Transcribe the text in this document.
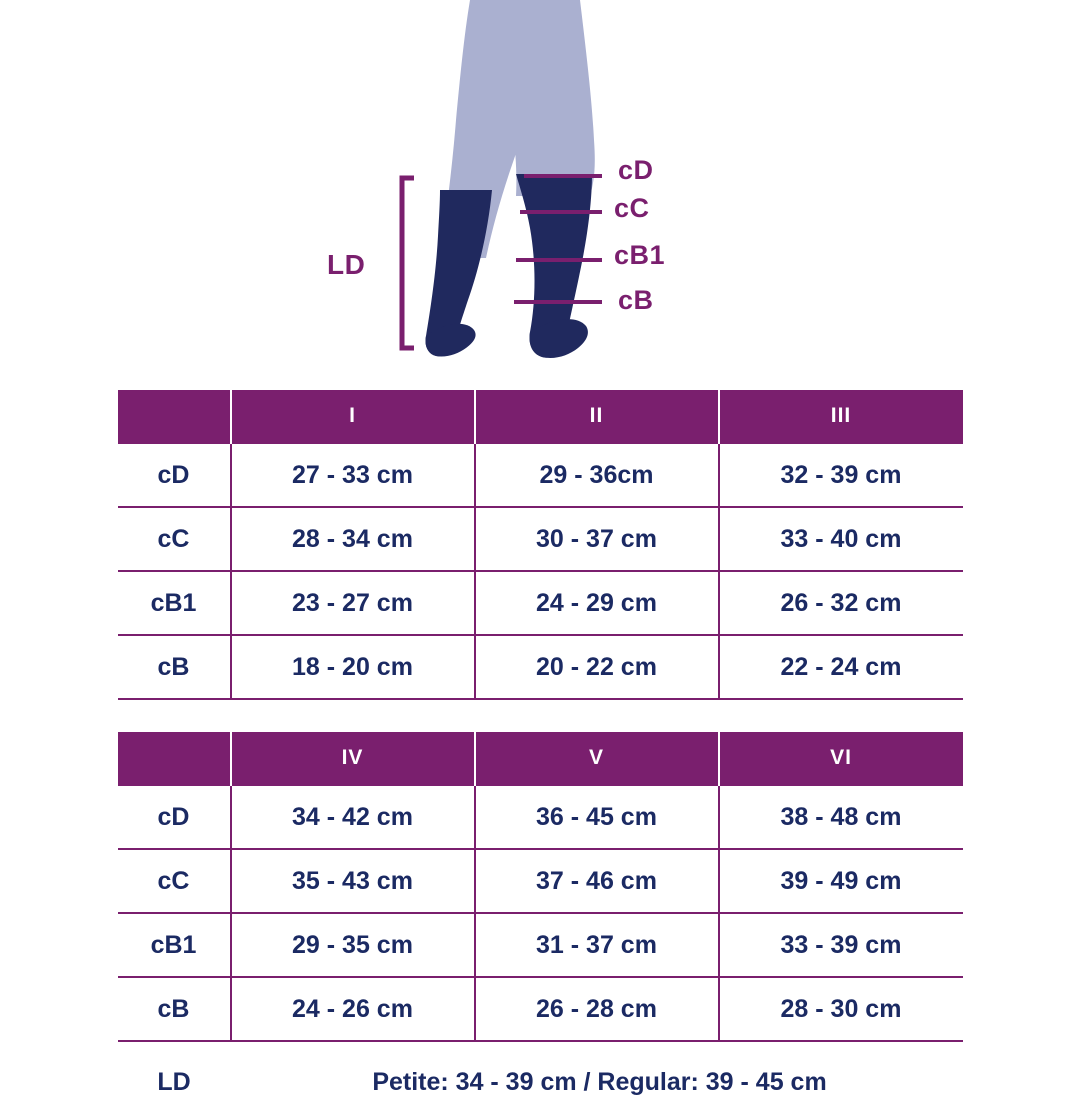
cD
cC
cB1
cB
LD
	I	II	III
cD	27 - 33 cm	29 - 36cm	32 - 39 cm
cC	28 - 34 cm	30 - 37 cm	33 - 40 cm
cB1	23 - 27 cm	24 - 29 cm	26 - 32 cm
cB	18 - 20 cm	20 - 22 cm	22 - 24 cm
	IV	V	VI
cD	34 - 42 cm	36 - 45 cm	38 - 48 cm
cC	35 - 43 cm	37 - 46 cm	39 - 49 cm
cB1	29 - 35 cm	31 - 37 cm	33 - 39 cm
cB	24 - 26 cm	26 - 28 cm	28 - 30 cm
LD	Petite: 34 - 39 cm / Regular: 39 - 45 cm
